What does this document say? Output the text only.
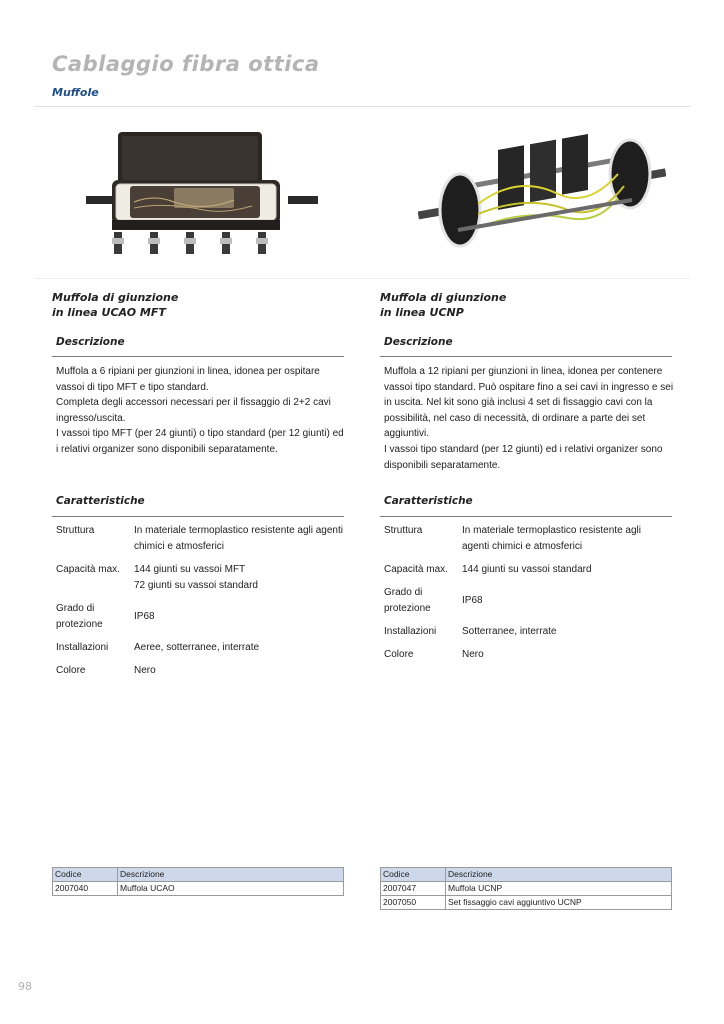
Cablaggio fibra ottica
Muffole
Muffola di giunzione
in linea UCAO MFT
Descrizione

Muffola a 6 ripiani per giunzioni in linea, idonea per ospitare vassoi di tipo MFT e tipo standard.

Completa degli accessori necessari per il fissaggio di 2+2 cavi ingresso/uscita.

I vassoi tipo MFT (per 24 giunti) o tipo standard (per 12 giunti) ed i relativi organizer sono disponibili separatamente.

Caratteristiche
Struttura	In materiale termoplastico resistente agli agenti
chimici e atmosferici

Capacità max.	144 giunti su vassoi MFT
72 giunti su vassoi standard

Grado di
protezione	IP68
Installazioni	Aeree, sotterranee, interrate
Colore	Nero
Codice	Descrizione
2007040	Muffola UCAO
Muffola di giunzione
in linea UCNP
Descrizione

Muffola a 12 ripiani per giunzioni in linea, idonea per contenere vassoi tipo standard. Può ospitare fino a sei cavi in ingresso e sei in uscita. Nel kit sono già inclusi 4 set di fissaggio cavi con la possibilità, nel caso di necessità, di ordinare a parte dei set aggiuntivi.

I vassoi tipo standard (per 12 giunti) ed i relativi organizer sono disponibili separatamente.

Caratteristiche
Struttura	In materiale termoplastico resistente agli
agenti chimici e atmosferici

Capacità max.	144 giunti su vassoi standard

Grado di
protezione	IP68
Installazioni	Sotterranee, interrate
Colore	Nero
Codice	Descrizione
2007047	Muffola UCNP
2007050	Set fissaggio cavi aggiuntivo UCNP
98
